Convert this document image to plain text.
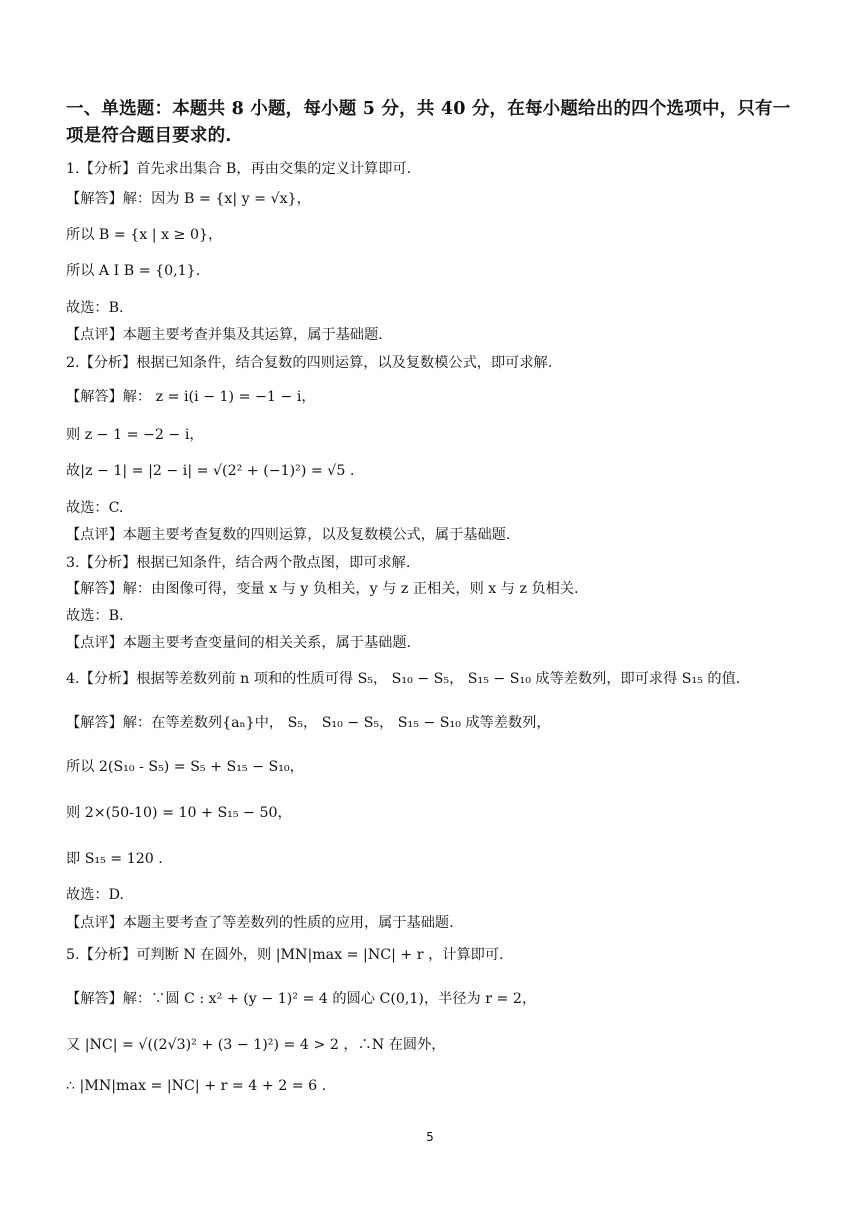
一、单选题：本题共 8 小题，每小题 5 分，共 40 分，在每小题给出的四个选项中，只有一项是符合题目要求的.
1.【分析】首先求出集合 B，再由交集的定义计算即可.
【解答】解：因为 B = {x| y = √x}，
所以 B = {x | x ≥ 0}，
所以 A I B = {0,1}.
故选：B.
【点评】本题主要考查并集及其运算，属于基础题.
2.【分析】根据已知条件，结合复数的四则运算，以及复数模公式，即可求解.
【解答】解： z = i(i − 1) = −1 − i，
则 z − 1 = −2 − i，
故|z − 1| = |2 − i| = √(2² + (−1)²) = √5 .
故选：C.
【点评】本题主要考查复数的四则运算，以及复数模公式，属于基础题.
3.【分析】根据已知条件，结合两个散点图，即可求解.
【解答】解：由图像可得，变量 x 与 y 负相关，y 与 z 正相关，则 x 与 z 负相关.
故选：B.
【点评】本题主要考查变量间的相关关系，属于基础题.
4.【分析】根据等差数列前 n 项和的性质可得 S₅， S₁₀ − S₅， S₁₅ − S₁₀ 成等差数列，即可求得 S₁₅ 的值.
【解答】解：在等差数列{aₙ}中， S₅， S₁₀ − S₅， S₁₅ − S₁₀ 成等差数列，
所以 2(S₁₀ - S₅) = S₅ + S₁₅ − S₁₀，
则 2×(50-10) = 10 + S₁₅ − 50，
即 S₁₅ = 120 .
故选：D.
【点评】本题主要考查了等差数列的性质的应用，属于基础题.
5.【分析】可判断 N 在圆外，则 |MN|max = |NC| + r ，计算即可.
【解答】解：∵圆 C : x² + (y − 1)² = 4 的圆心 C(0,1)，半径为 r = 2，
又 |NC| = √((2√3)² + (3 − 1)²) = 4 > 2 ，∴N 在圆外，
∴ |MN|max = |NC| + r = 4 + 2 = 6 .
5
